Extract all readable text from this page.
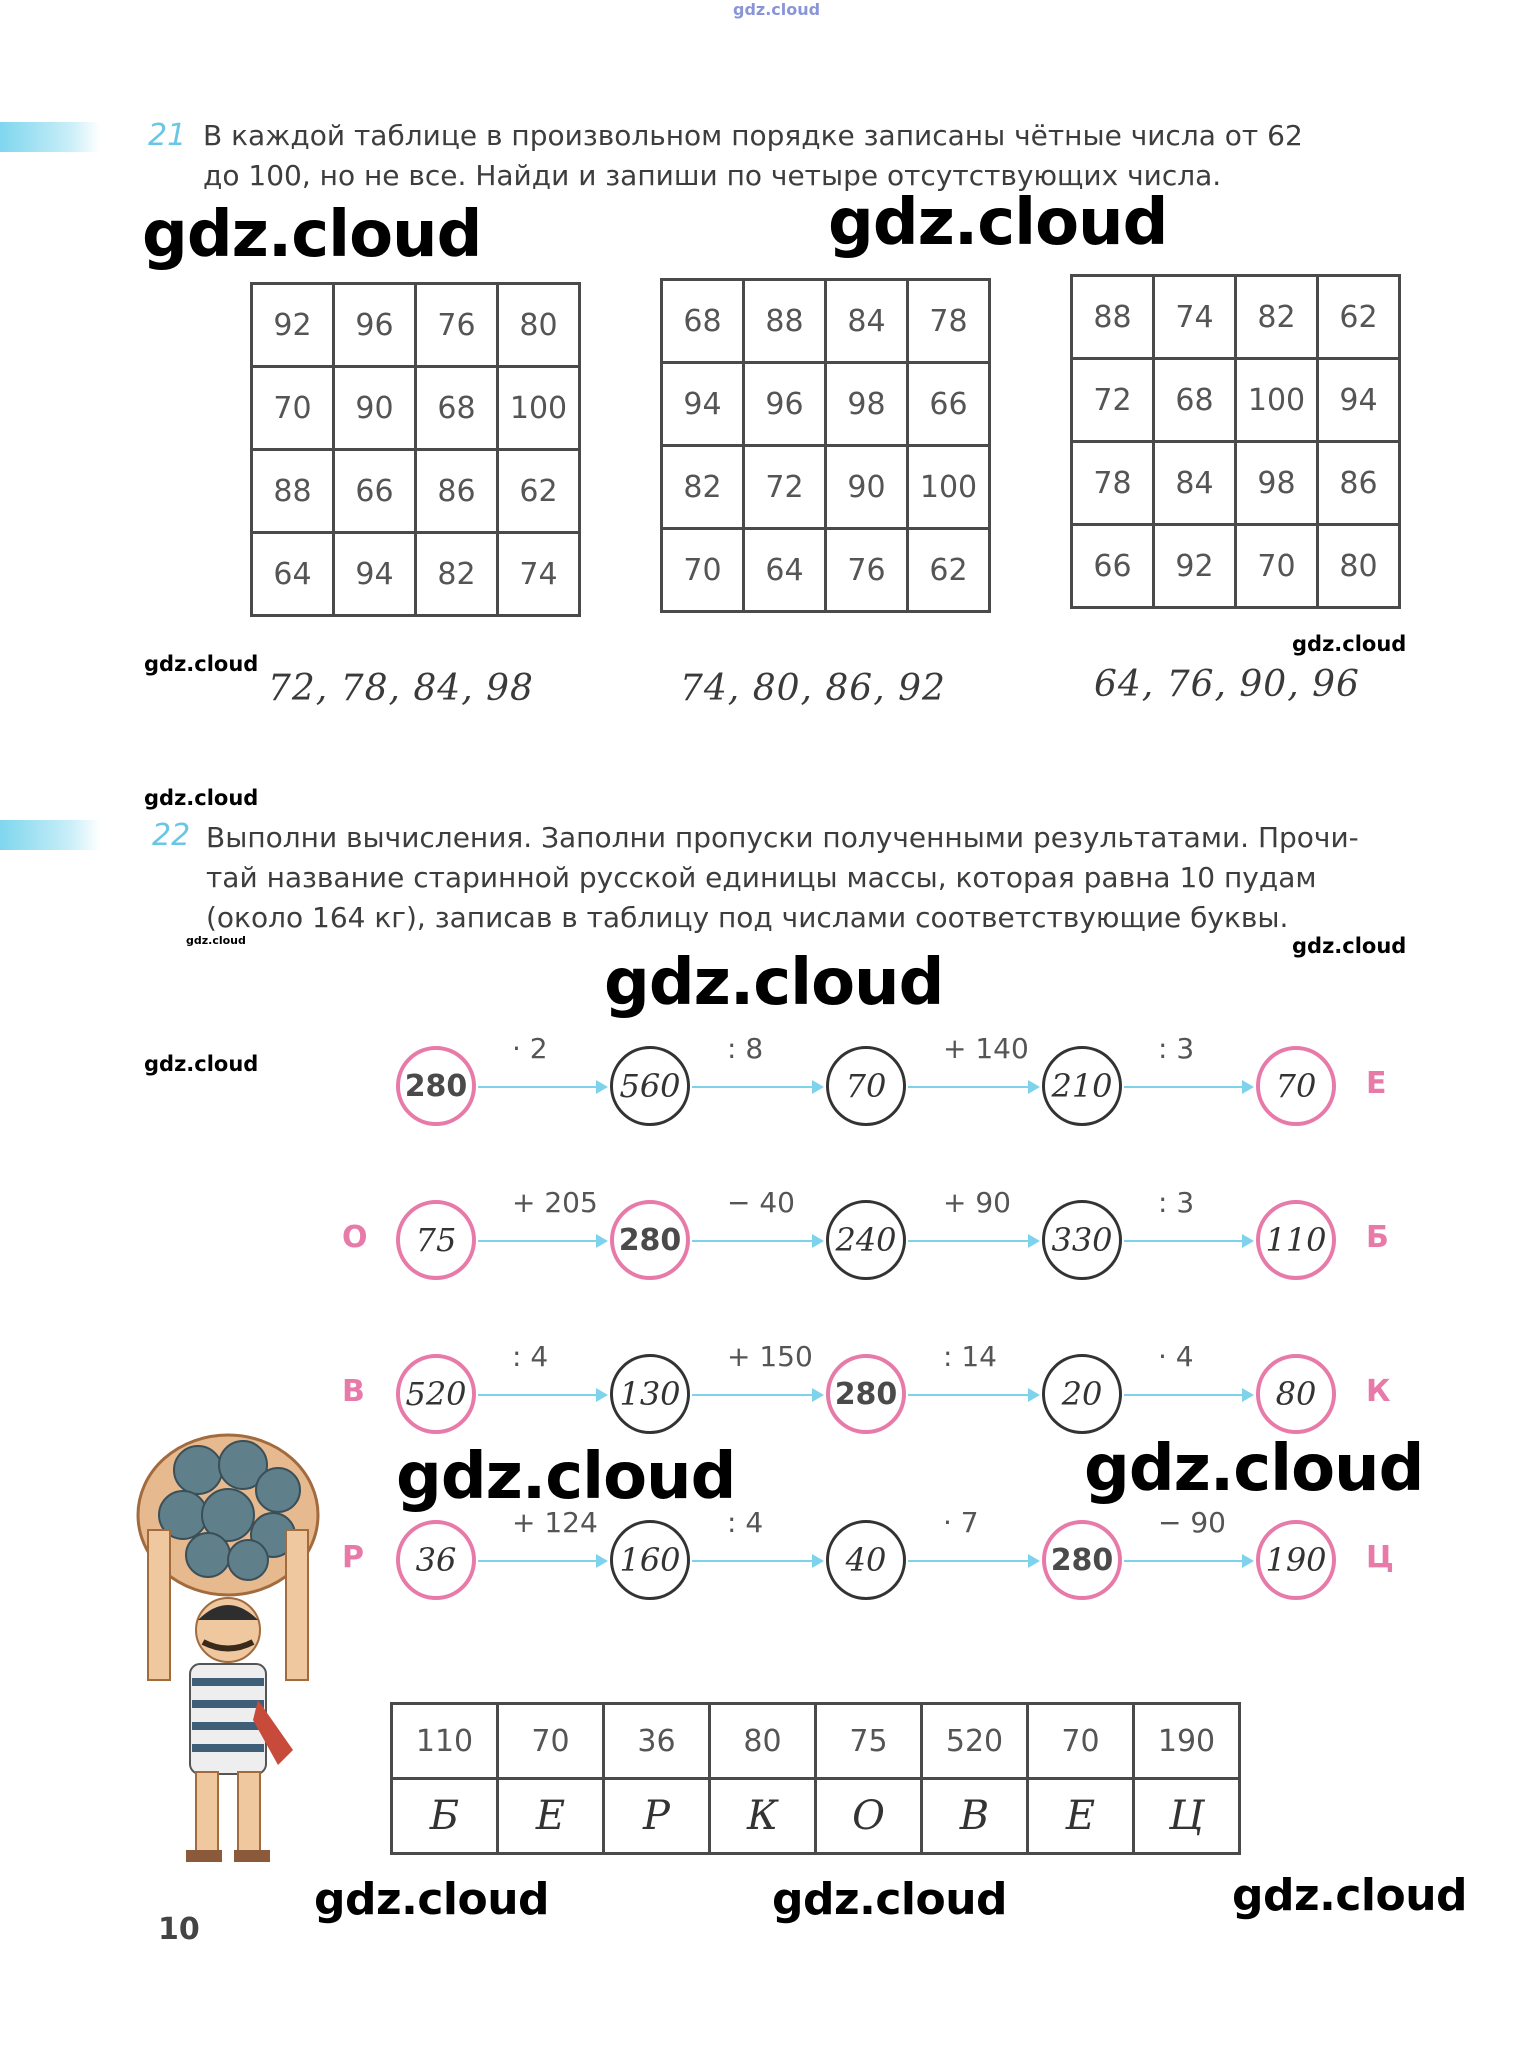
gdz.cloud
21 В каждой таблице в произвольном порядке записаны чётные числа от 62
до 100, но не все. Найди и запиши по четыре отсутствующих числа.
gdz.cloud	gdz.cloud
92	96	76	80
70	90	68	100
88	66	86	62
64	94	82	74
68	88	84	78
94	96	98	66
82	72	90	100
70	64	76	62
88	74	82	62
72	68	100	94
78	84	98	86
66	92	70	80
gdz.cloud
gdz.cloud
72, 78, 84, 98	74, 80, 86, 92	64, 76, 90, 96
gdz.cloud
22 Выполни вычисления. Заполни пропуски полученными результатами. Прочи-
тай название старинной русской единицы массы, которая равна 10 пудам
(около 164 кг), записав в таблицу под числами соответствующие буквы.
gdz.cloud	gdz.cloud
gdz.cloud
gdz.cloud
Е
280	560	70	210	70
· 2	: 8	+ 140	: 3
О	Б
75	280	240	330	110
+ 205	− 40	+ 90	: 3
В	К
520	130	280	20	80
: 4	+ 150	: 14	· 4
Р	Ц
36	160	40	280	190
+ 124	: 4	· 7	− 90
gdz.cloud	gdz.cloud
110	70	36	80	75	520	70	190
Б	Е	Р	К	О	В	Е	Ц
10
gdz.cloud	gdz.cloud	gdz.cloud
